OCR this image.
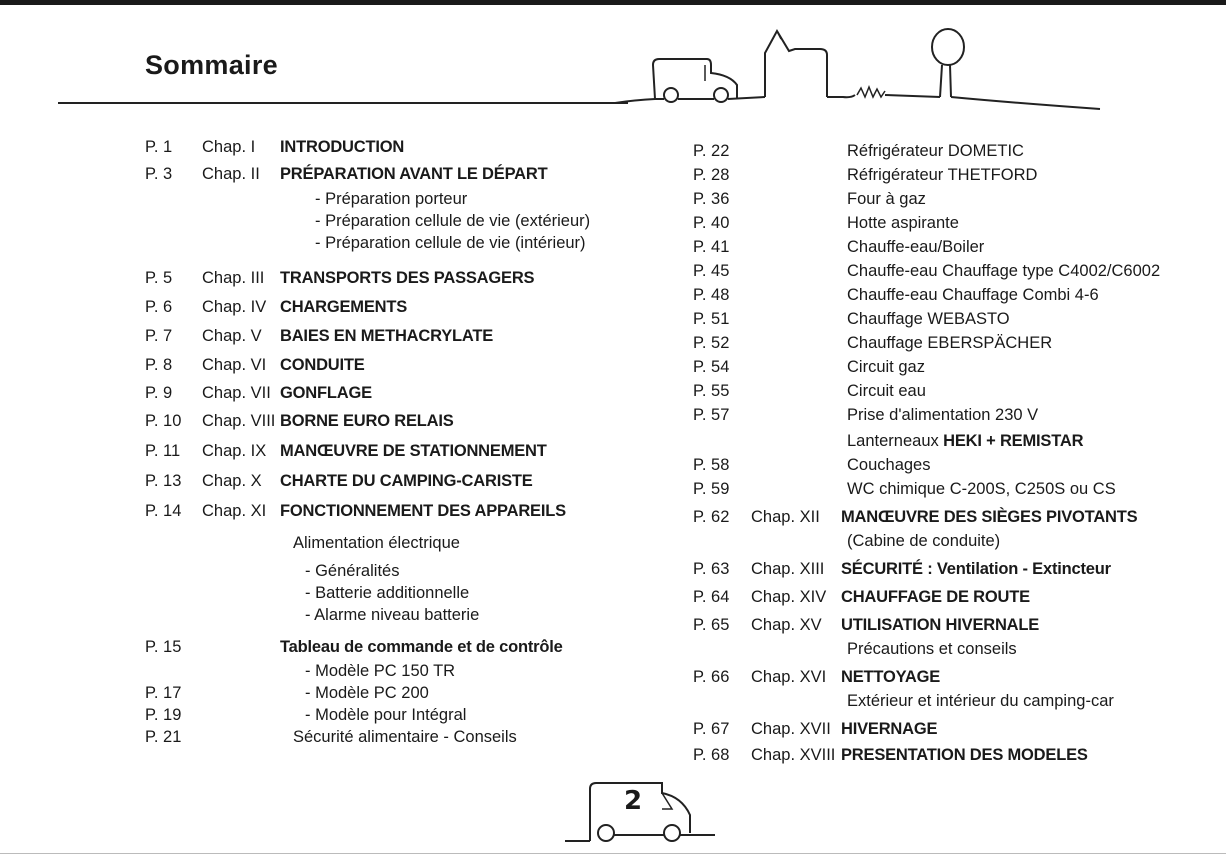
Sommaire
P. 1 Chap. I INTRODUCTION
P. 3 Chap. II PRÉPARATION AVANT LE DÉPART
- Préparation porteur
- Préparation cellule de vie (extérieur)
- Préparation cellule de vie (intérieur)
P. 5 Chap. III TRANSPORTS DES PASSAGERS
P. 6 Chap. IV CHARGEMENTS
P. 7 Chap. V BAIES EN METHACRYLATE
P. 8 Chap. VI CONDUITE
P. 9 Chap. VII GONFLAGE
P. 10 Chap. VIII BORNE EURO RELAIS
P. 11 Chap. IX MANŒUVRE DE STATIONNEMENT
P. 13 Chap. X CHARTE DU CAMPING-CARISTE
P. 14 Chap. XI FONCTIONNEMENT DES APPAREILS
Alimentation électrique
- Généralités
- Batterie additionnelle
- Alarme niveau batterie
P. 15	Tableau de commande et de contrôle
- Modèle PC 150 TR
P. 17	- Modèle PC 200
P. 19	- Modèle pour Intégral
P. 21	Sécurité alimentaire - Conseils
P. 22	Réfrigérateur DOMETIC
P. 28	Réfrigérateur THETFORD
P. 36	Four à gaz
P. 40	Hotte aspirante
P. 41	Chauffe-eau/Boiler
P. 45	Chauffe-eau Chauffage type C4002/C6002
P. 48	Chauffe-eau Chauffage Combi 4-6
P. 51	Chauffage WEBASTO
P. 52	Chauffage EBERSPÄCHER
P. 54	Circuit gaz
P. 55	Circuit eau
P. 57	Prise d'alimentation 230 V
Lanterneaux HEKI + REMISTAR
P. 58	Couchages
P. 59	WC chimique C-200S, C250S ou CS
P. 62 Chap. XII MANŒUVRE DES SIÈGES PIVOTANTS
(Cabine de conduite)
P. 63 Chap. XIII SÉCURITÉ : Ventilation - Extincteur
P. 64 Chap. XIV CHAUFFAGE DE ROUTE
P. 65 Chap. XV UTILISATION HIVERNALE
Précautions et conseils
P. 66 Chap. XVI NETTOYAGE
Extérieur et intérieur du camping-car
P. 67 Chap. XVII HIVERNAGE
P. 68 Chap. XVIII PRESENTATION DES MODELES
2
